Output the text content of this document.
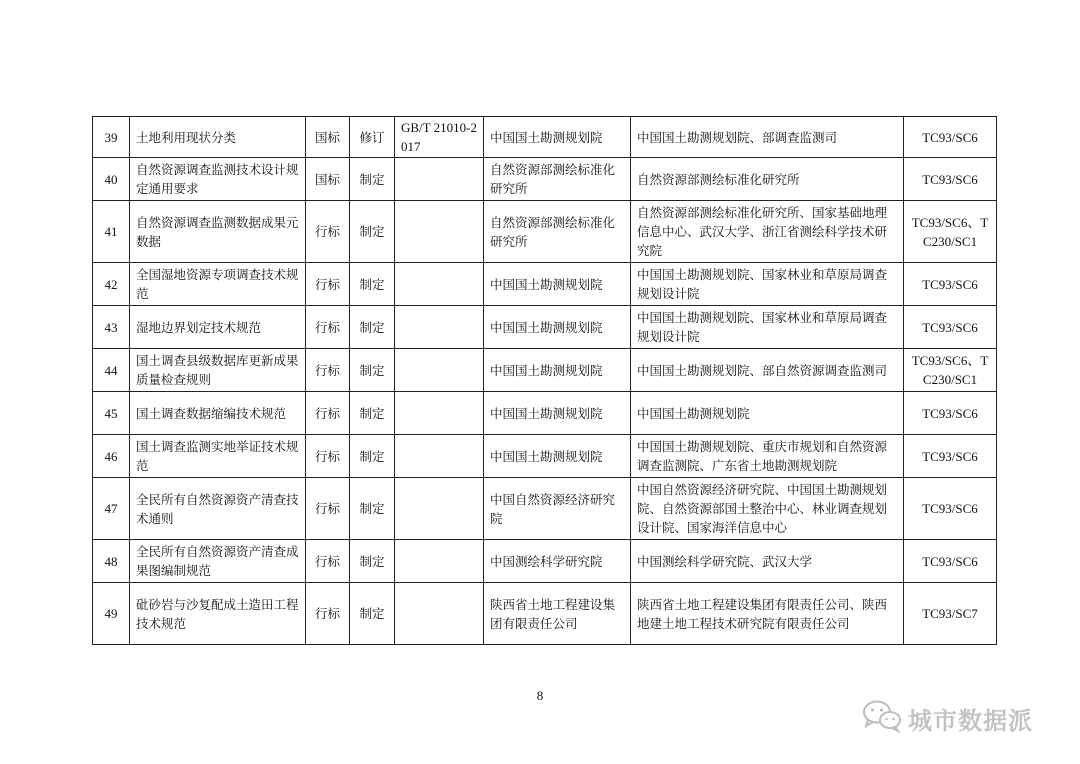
39	土地利用现状分类	国标	修订	GB/T 21010-2017	中国国土勘测规划院	中国国土勘测规划院、部调查监测司	TC93/SC6
40	自然资源调查监测技术设计规定通用要求	国标	制定		自然资源部测绘标准化研究所	自然资源部测绘标准化研究所	TC93/SC6
41	自然资源调查监测数据成果元数据	行标	制定		自然资源部测绘标准化研究所	自然资源部测绘标准化研究所、国家基础地理信息中心、武汉大学、浙江省测绘科学技术研究院	TC93/SC6、TC230/SC1
42	全国湿地资源专项调查技术规范	行标	制定		中国国土勘测规划院	中国国土勘测规划院、国家林业和草原局调查规划设计院	TC93/SC6
43	湿地边界划定技术规范	行标	制定		中国国土勘测规划院	中国国土勘测规划院、国家林业和草原局调查规划设计院	TC93/SC6
44	国土调查县级数据库更新成果质量检查规则	行标	制定		中国国土勘测规划院	中国国土勘测规划院、部自然资源调查监测司	TC93/SC6、TC230/SC1
45	国土调查数据缩编技术规范	行标	制定		中国国土勘测规划院	中国国土勘测规划院	TC93/SC6
46	国土调查监测实地举证技术规范	行标	制定		中国国土勘测规划院	中国国土勘测规划院、重庆市规划和自然资源调查监测院、广东省土地勘测规划院	TC93/SC6
47	全民所有自然资源资产清查技术通则	行标	制定		中国自然资源经济研究院	中国自然资源经济研究院、中国国土勘测规划院、自然资源部国土整治中心、林业调查规划设计院、国家海洋信息中心	TC93/SC6
48	全民所有自然资源资产清查成果图编制规范	行标	制定		中国测绘科学研究院	中国测绘科学研究院、武汉大学	TC93/SC6
49	砒砂岩与沙复配成土造田工程技术规范	行标	制定		陕西省土地工程建设集团有限责任公司	陕西省土地工程建设集团有限责任公司、陕西地建土地工程技术研究院有限责任公司	TC93/SC7
8
城市数据派
